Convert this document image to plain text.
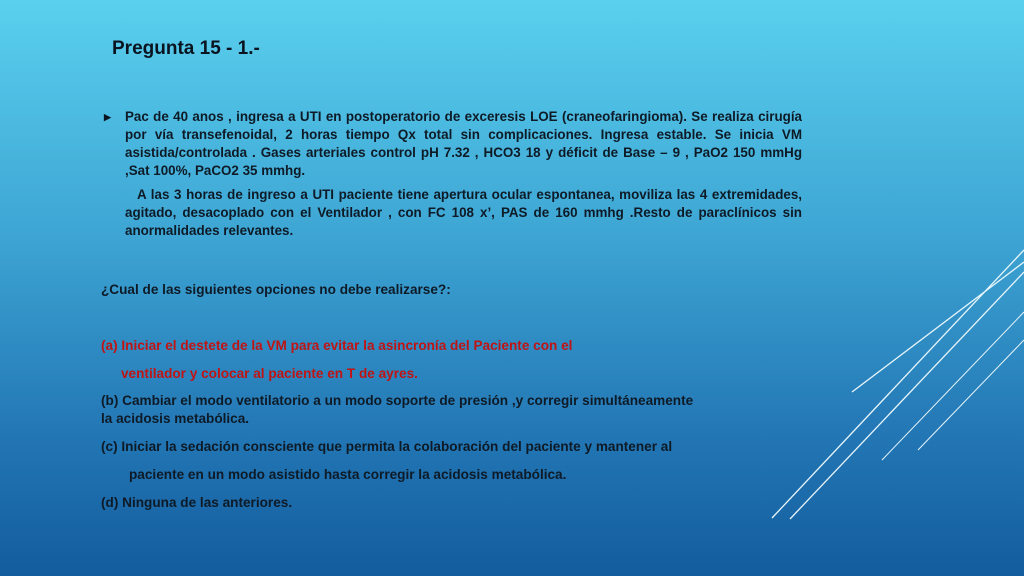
Pregunta 15 - 1.-
▶	Pac de 40 anos , ingresa a UTI en postoperatorio de exceresis LOE (craneofaringioma). Se realiza cirugía por vía transefenoidal, 2 horas tiempo Qx total sin complicaciones. Ingresa estable. Se inicia VM asistida/controlada . Gases arteriales control pH 7.32 , HCO3 18 y déficit de Base – 9 , PaO2 150 mmHg ,Sat 100%, PaCO2 35 mmhg.
A las 3 horas de ingreso a UTI paciente tiene apertura ocular espontanea, moviliza las 4 extremidades, agitado, desacoplado con el Ventilador , con FC 108 x’, PAS de 160 mmhg .Resto de paraclínicos sin anormalidades relevantes.
¿Cual de las siguientes opciones no debe realizarse?:
(a) Iniciar el destete de la VM para evitar la asincronía del Paciente con el
ventilador y colocar al paciente en T de ayres.
(b) Cambiar el modo ventilatorio a un modo soporte de presión ,y corregir simultáneamente
la acidosis metabólica.
(c) Iniciar la sedación consciente que permita la colaboración del paciente y mantener al
paciente en un modo asistido hasta corregir la acidosis metabólica.
(d) Ninguna de las anteriores.
